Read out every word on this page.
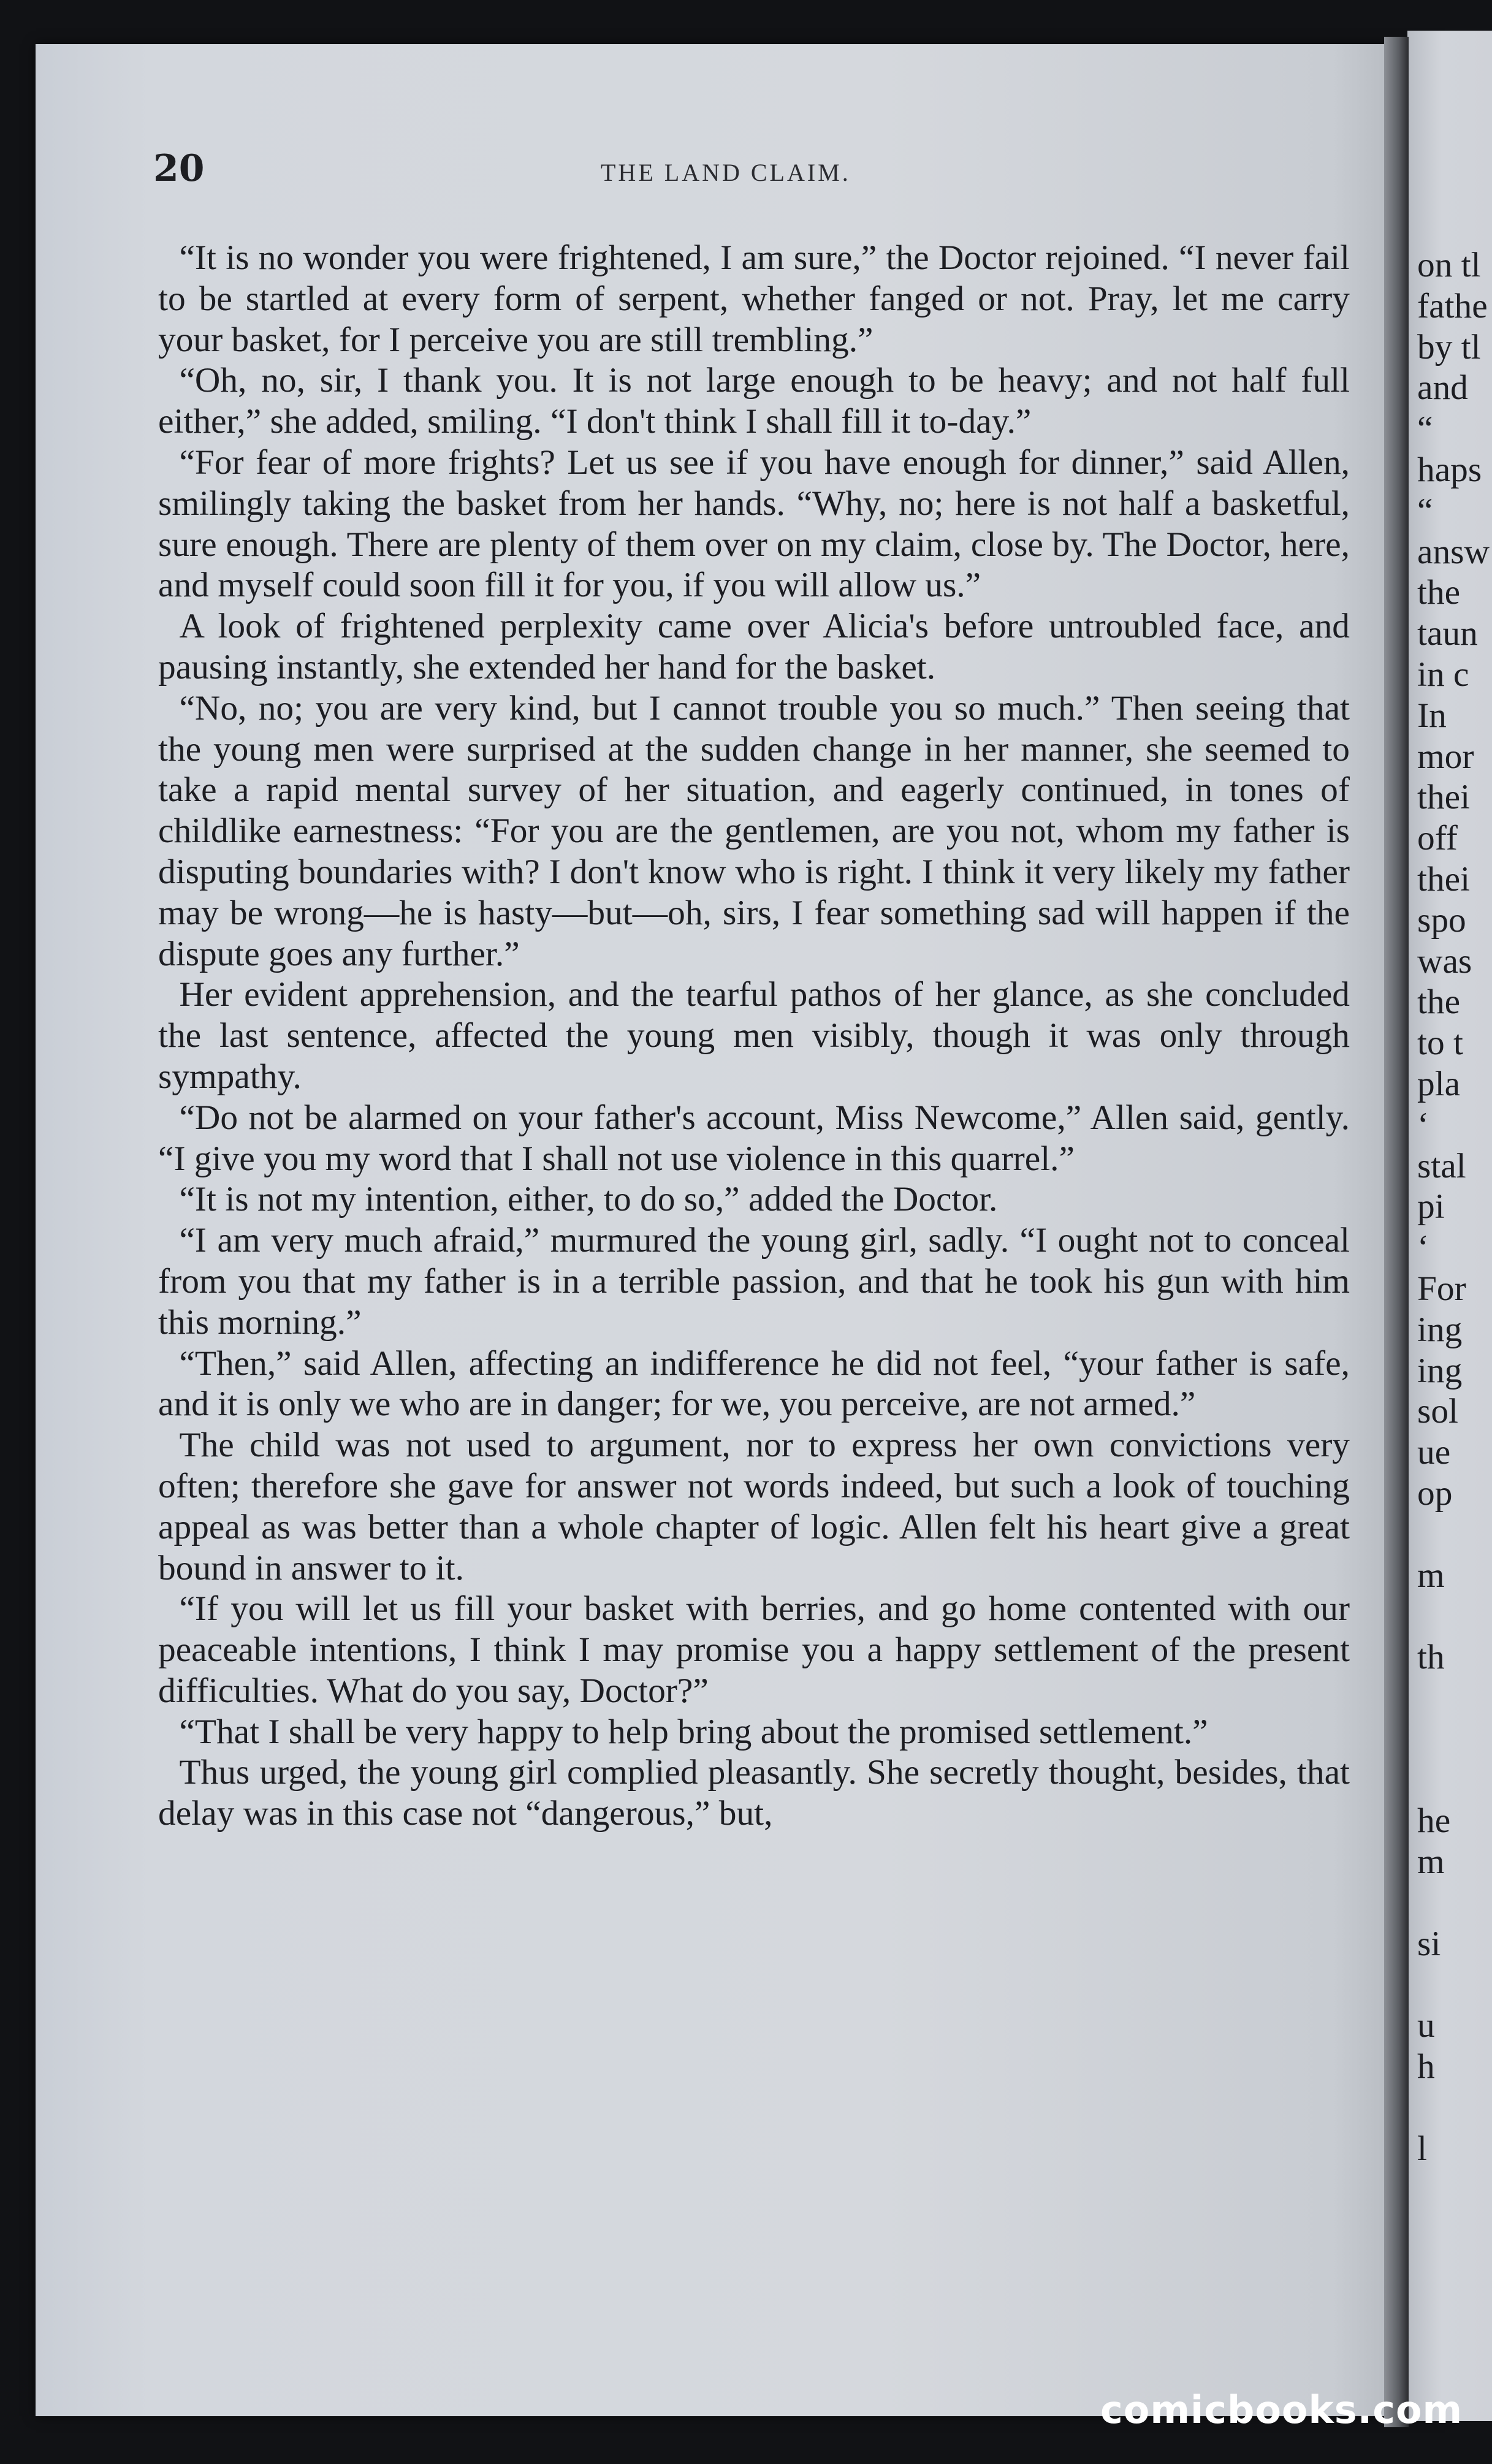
20	THE LAND CLAIM.

“It is no wonder you were frightened, I am sure,” the Doctor rejoined. “I never fail to be startled at every form of serpent, whether fanged or not. Pray, let me carry your basket, for I perceive you are still trembling.”

“Oh, no, sir, I thank you. It is not large enough to be heavy; and not half full either,” she added, smiling. “I don't think I shall fill it to-day.”

“For fear of more frights? Let us see if you have enough for dinner,” said Allen, smilingly taking the basket from her hands. “Why, no; here is not half a basketful, sure enough. There are plenty of them over on my claim, close by. The Doctor, here, and myself could soon fill it for you, if you will allow us.”

A look of frightened perplexity came over Alicia's before untroubled face, and pausing instantly, she extended her hand for the basket.

“No, no; you are very kind, but I cannot trouble you so much.” Then seeing that the young men were surprised at the sudden change in her manner, she seemed to take a rapid mental survey of her situation, and eagerly continued, in tones of childlike earnestness: “For you are the gentlemen, are you not, whom my father is disputing boundaries with? I don't know who is right. I think it very likely my father may be wrong—he is hasty—but—oh, sirs, I fear something sad will happen if the dispute goes any further.”

Her evident apprehension, and the tearful pathos of her glance, as she concluded the last sentence, affected the young men visibly, though it was only through sympathy.

“Do not be alarmed on your father's account, Miss Newcome,” Allen said, gently. “I give you my word that I shall not use violence in this quarrel.”

“It is not my intention, either, to do so,” added the Doctor.

“I am very much afraid,” murmured the young girl, sadly. “I ought not to conceal from you that my father is in a terrible passion, and that he took his gun with him this morning.”

“Then,” said Allen, affecting an indifference he did not feel, “your father is safe, and it is only we who are in danger; for we, you perceive, are not armed.”

The child was not used to argument, nor to express her own convictions very often; therefore she gave for answer not words indeed, but such a look of touching appeal as was better than a whole chapter of logic. Allen felt his heart give a great bound in answer to it.

“If you will let us fill your basket with berries, and go home contented with our peaceable intentions, I think I may promise you a happy settlement of the present difficulties. What do you say, Doctor?”

“That I shall be very happy to help bring about the promised settlement.”

Thus urged, the young girl complied pleasantly. She secretly thought, besides, that delay was in this case not “dangerous,” but,

on tl
fathe
by tl
and
“
haps
“
answ
the
taun
in c
In
mor
thei
off
thei
spo
was
the
to t
pla
‘
stal
pi
‘
For
ing
ing
sol
ue
op
m
th
he
m
si
u
h
l
comicbooks.com
